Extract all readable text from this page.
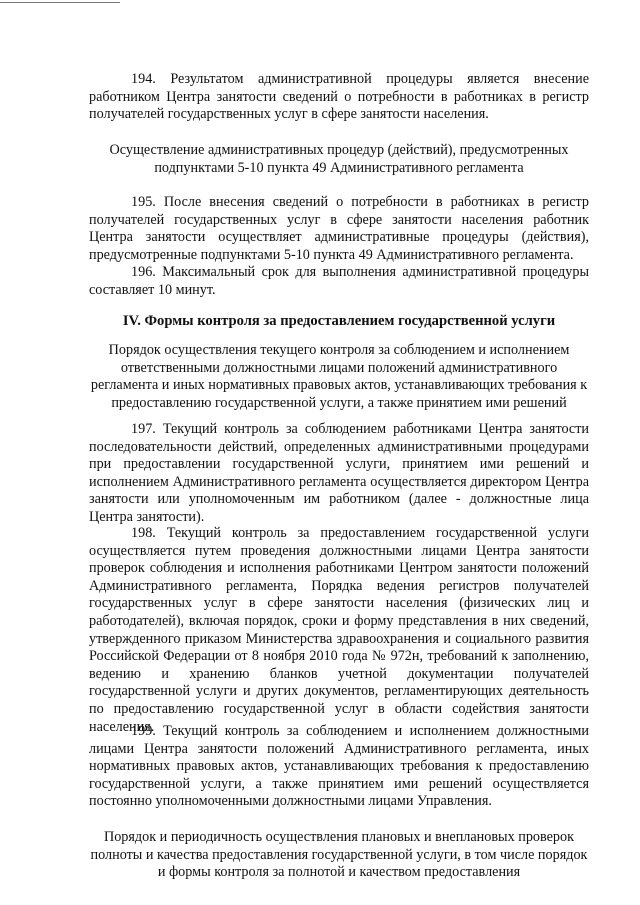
194. Результатом административной процедуры является внесение работником Центра занятости сведений о потребности в работниках в регистр получателей государственных услуг в сфере занятости населения.

Осуществление административных процедур (действий), предусмотренных подпунктами 5-10 пункта 49 Административного регламента

195. После внесения сведений о потребности в работниках в регистр получателей государственных услуг в сфере занятости населения работник Центра занятости осуществляет административные процедуры (действия), предусмотренные подпунктами 5-10 пункта 49 Административного регламента.

196. Максимальный срок для выполнения административной процедуры составляет 10 минут.

IV. Формы контроля за предоставлением государственной услуги

Порядок осуществления текущего контроля за соблюдением и исполнением ответственными должностными лицами положений административного регламента и иных нормативных правовых актов, устанавливающих требования к предоставлению государственной услуги, а также принятием ими решений

197. Текущий контроль за соблюдением работниками Центра занятости последовательности действий, определенных административными процедурами при предоставлении государственной услуги, принятием ими решений и исполнением Административного регламента осуществляется директором Центра занятости или уполномоченным им работником (далее - должностные лица Центра занятости).

198. Текущий контроль за предоставлением государственной услуги осуществляется путем проведения должностными лицами Центра занятости проверок соблюдения и исполнения работниками Центром занятости положений Административного регламента, Порядка ведения регистров получателей государственных услуг в сфере занятости населения (физических лиц и работодателей), включая порядок, сроки и форму представления в них сведений, утвержденного приказом Министерства здравоохранения и социального развития Российской Федерации от 8 ноября 2010 года № 972н, требований к заполнению, ведению и хранению бланков учетной документации получателей государственной услуги и других документов, регламентирующих деятельность по предоставлению государственной услуг в области содействия занятости населения.

199. Текущий контроль за соблюдением и исполнением должностными лицами Центра занятости положений Административного регламента, иных нормативных правовых актов, устанавливающих требования к предоставлению государственной услуги, а также принятием ими решений осуществляется постоянно уполномоченными должностными лицами Управления.

Порядок и периодичность осуществления плановых и внеплановых проверок полноты и качества предоставления государственной услуги, в том числе порядок и формы контроля за полнотой и качеством предоставления
